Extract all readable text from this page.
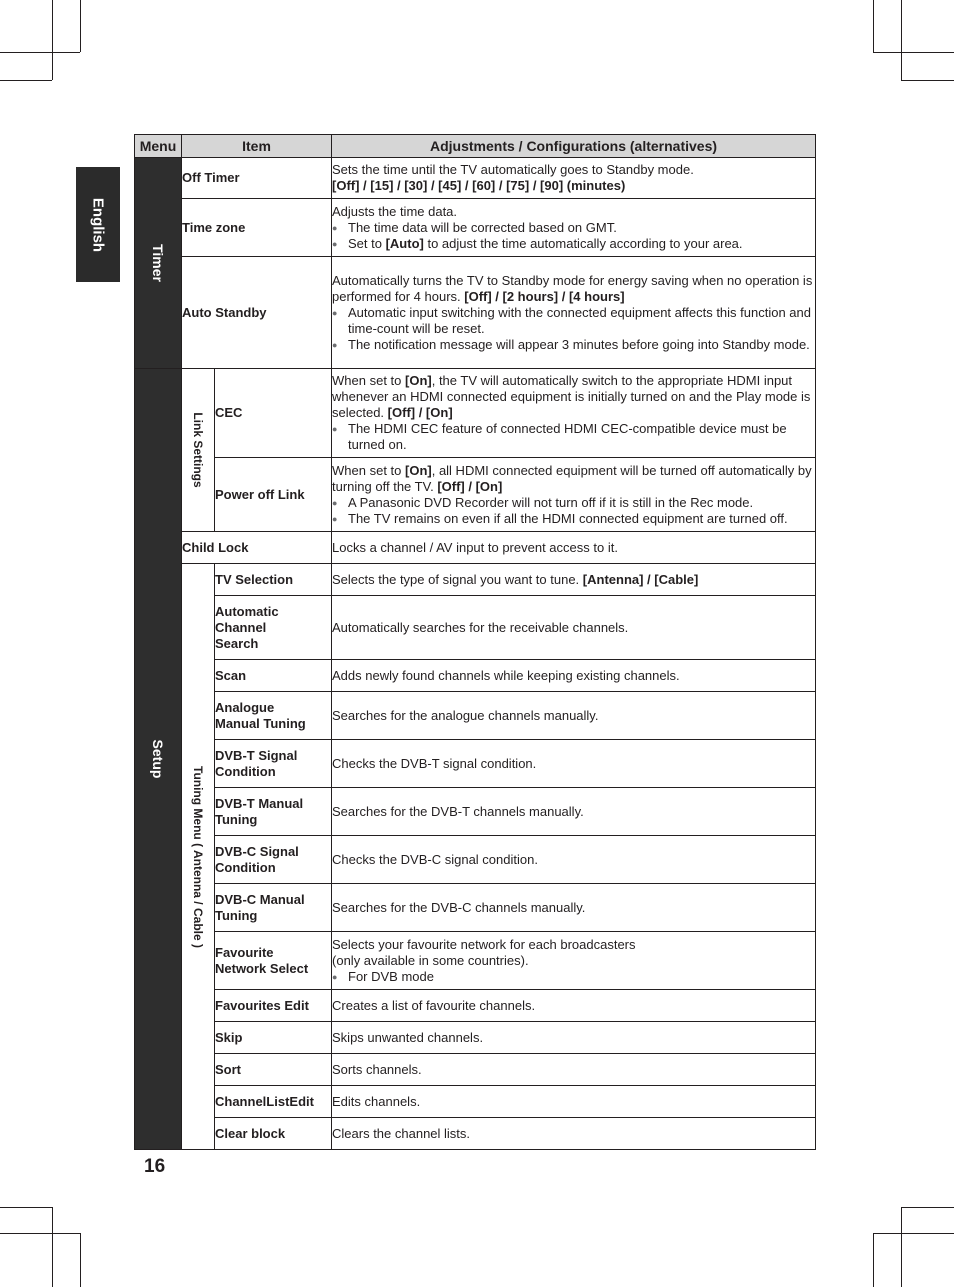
English
Menu	Item		Adjustments / Configurations (alternatives)

Timer	Off Timer		Sets the time until the TV automatically goes to Standby mode.
[Off] / [15] / [30] / [45] / [60] / [75] / [90] (minutes)

	Time zone		Adjusts the time data.
● The time data will be corrected based on GMT.
● Set to [Auto] to adjust the time automatically according to your area.

	Auto Standby		Automatically turns the TV to Standby mode for energy saving when no operation is performed for 4 hours. [Off] / [2 hours] / [4 hours]
● Automatic input switching with the connected equipment affects this function and time-count will be reset.
● The notification message will appear 3 minutes before going into Standby mode.

Setup	Link Settings	CEC	When set to [On], the TV will automatically switch to the appropriate HDMI input whenever an HDMI connected equipment is initially turned on and the Play mode is selected. [Off] / [On]
● The HDMI CEC feature of connected HDMI CEC-compatible device must be turned on.

		Power off Link	When set to [On], all HDMI connected equipment will be turned off automatically by turning off the TV. [Off] / [On]
● A Panasonic DVD Recorder will not turn off if it is still in the Rec mode.
● The TV remains on even if all the HDMI connected equipment are turned off.

	Child Lock		Locks a channel / AV input to prevent access to it.

	Tuning Menu ( Antenna / Cable )	TV Selection	Selects the type of signal you want to tune. [Antenna] / [Cable]

		Automatic
Channel
Search	Automatically searches for the receivable channels.

		Scan	Adds newly found channels while keeping existing channels.

		Analogue
Manual Tuning	Searches for the analogue channels manually.

		DVB-T Signal
Condition	Checks the DVB-T signal condition.

		DVB-T Manual
Tuning	Searches for the DVB-T channels manually.

		DVB-C Signal
Condition	Checks the DVB-C signal condition.

		DVB-C Manual
Tuning	Searches for the DVB-C channels manually.

		Favourite
Network Select	Selects your favourite network for each broadcasters
(only available in some countries).
● For DVB mode

		Favourites Edit	Creates a list of favourite channels.
		Skip	Skips unwanted channels.
		Sort	Sorts channels.
		ChannelListEdit	Edits channels.
		Clear block	Clears the channel lists.
16
